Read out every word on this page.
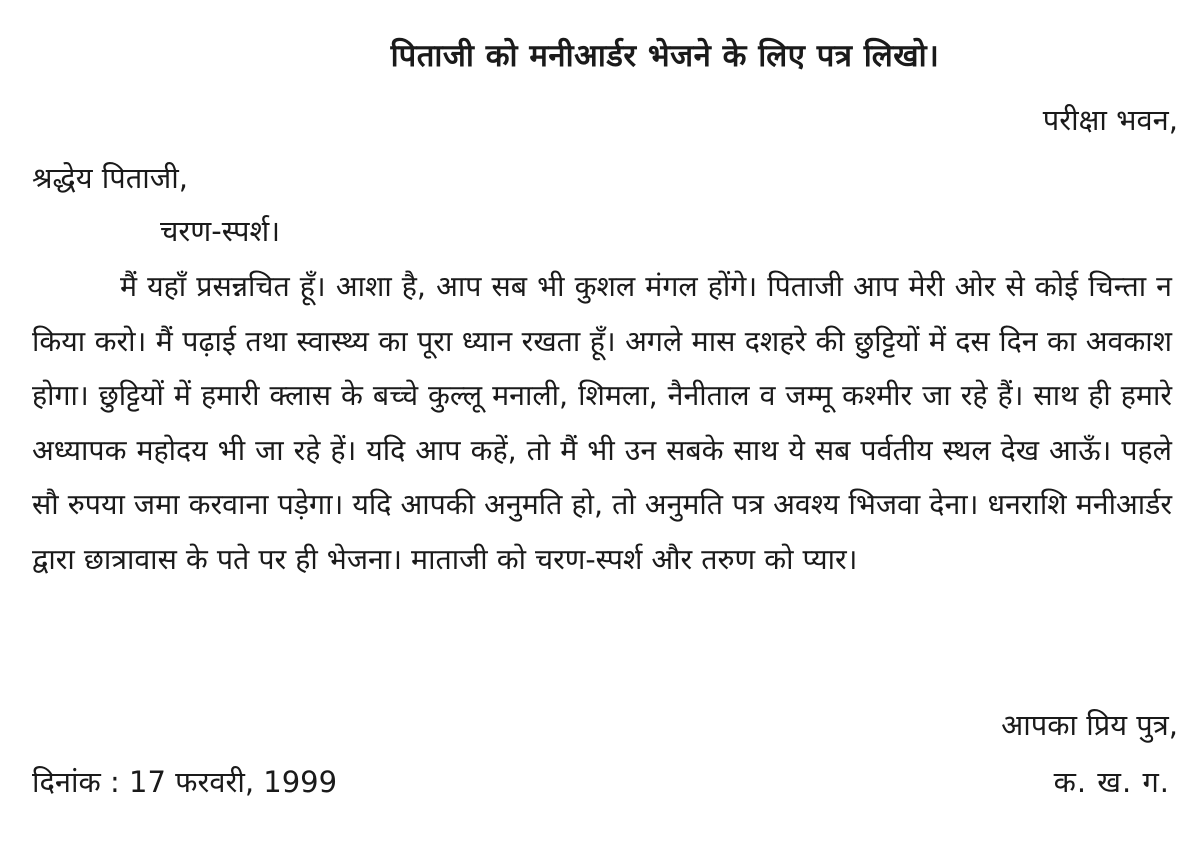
पिताजी को मनीआर्डर भेजने के लिए पत्र लिखो।
परीक्षा भवन,
श्रद्धेय पिताजी,
चरण-स्पर्श।
मैं यहाँ प्रसन्नचित हूँ। आशा है, आप सब भी कुशल मंगल होंगे। पिताजी आप मेरी ओर से कोई चिन्ता न किया करो। मैं पढ़ाई तथा स्वास्थ्य का पूरा ध्यान रखता हूँ। अगले मास दशहरे की छुट्टियों में दस दिन का अवकाश होगा। छुट्टियों में हमारी क्लास के बच्चे कुल्लू मनाली, शिमला, नैनीताल व जम्मू कश्मीर जा रहे हैं। साथ ही हमारे अध्यापक महोदय भी जा रहे हें। यदि आप कहें, तो मैं भी उन सबके साथ ये सब पर्वतीय स्थल देख आऊँ। पहले सौ रुपया जमा करवाना पड़ेगा। यदि आपकी अनुमति हो, तो अनुमति पत्र अवश्य भिजवा देना। धनराशि मनीआर्डर द्वारा छात्रावास के पते पर ही भेजना। माताजी को चरण-स्पर्श और तरुण को प्यार।
आपका प्रिय पुत्र,
दिनांक : 17 फरवरी, 1999	क. ख. ग.
